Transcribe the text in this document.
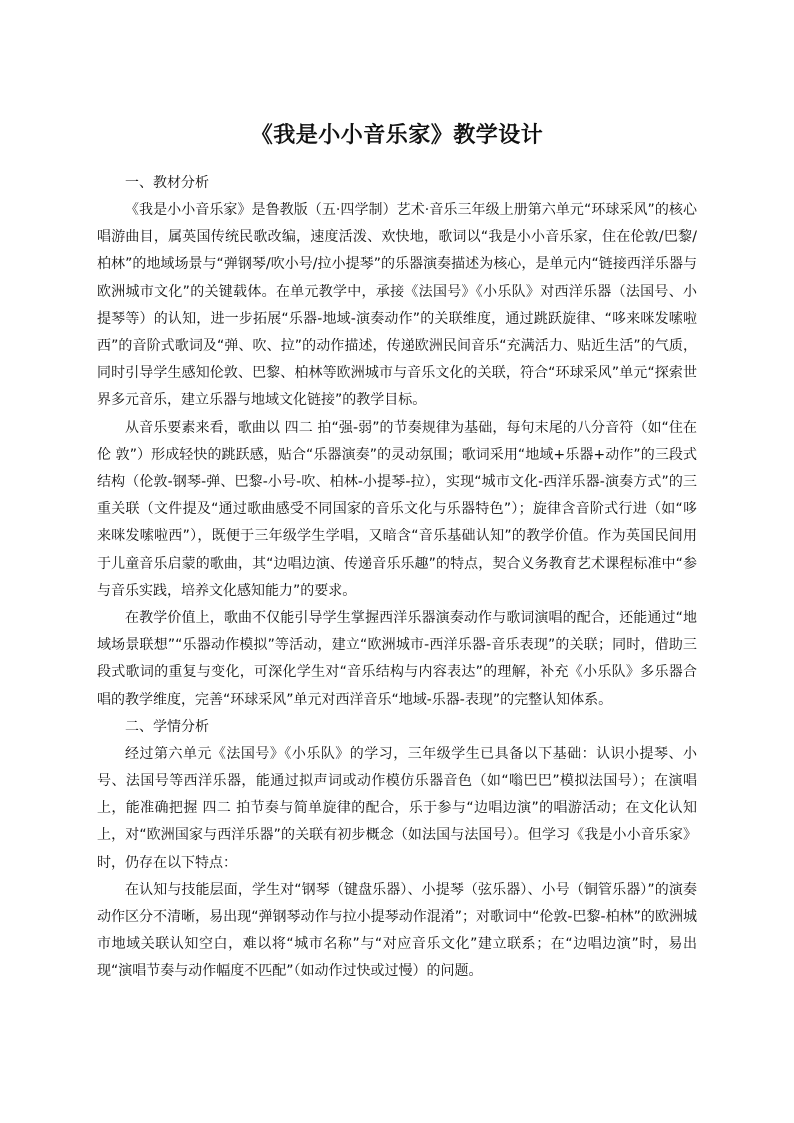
《我是小小音乐家》教学设计

一、教材分析

《我是小小音乐家》是鲁教版（五·四学制）艺术·音乐三年级上册第六单元“环球采风”的核心唱游曲目，属英国传统民歌改编，速度活泼、欢快地，歌词以“我是小小音乐家，住在伦敦/巴黎/柏林”的地域场景与“弹钢琴/吹小号/拉小提琴”的乐器演奏描述为核心，是单元内“链接西洋乐器与欧洲城市文化”的关键载体。在单元教学中，承接《法国号》《小乐队》对西洋乐器（法国号、小提琴等）的认知，进一步拓展“乐器-地域-演奏动作”的关联维度，通过跳跃旋律、“哆来咪发嗦啦西”的音阶式歌词及“弹、吹、拉”的动作描述，传递欧洲民间音乐“充满活力、贴近生活”的气质，同时引导学生感知伦敦、巴黎、柏林等欧洲城市与音乐文化的关联，符合“环球采风”单元“探索世界多元音乐，建立乐器与地域文化链接”的教学目标。

从音乐要素来看，歌曲以 四二 拍“强-弱”的节奏规律为基础，每句末尾的八分音符（如“住在伦 敦”）形成轻快的跳跃感，贴合“乐器演奏”的灵动氛围；歌词采用“地域+乐器+动作”的三段式结构（伦敦-钢琴-弹、巴黎-小号-吹、柏林-小提琴-拉），实现“城市文化-西洋乐器-演奏方式”的三重关联（文件提及“通过歌曲感受不同国家的音乐文化与乐器特色”）；旋律含音阶式行进（如“哆来咪发嗦啦西”），既便于三年级学生学唱，又暗含“音乐基础认知”的教学价值。作为英国民间用于儿童音乐启蒙的歌曲，其“边唱边演、传递音乐乐趣”的特点，契合义务教育艺术课程标准中“参与音乐实践，培养文化感知能力”的要求。

在教学价值上，歌曲不仅能引导学生掌握西洋乐器演奏动作与歌词演唱的配合，还能通过“地域场景联想”“乐器动作模拟”等活动，建立“欧洲城市-西洋乐器-音乐表现”的关联；同时，借助三段式歌词的重复与变化，可深化学生对“音乐结构与内容表达”的理解，补充《小乐队》多乐器合唱的教学维度，完善“环球采风”单元对西洋音乐“地域-乐器-表现”的完整认知体系。

二、学情分析

经过第六单元《法国号》《小乐队》的学习，三年级学生已具备以下基础：认识小提琴、小号、法国号等西洋乐器，能通过拟声词或动作模仿乐器音色（如“嗡巴巴”模拟法国号）；在演唱上，能准确把握 四二 拍节奏与简单旋律的配合，乐于参与“边唱边演”的唱游活动；在文化认知上，对“欧洲国家与西洋乐器”的关联有初步概念（如法国与法国号）。但学习《我是小小音乐家》时，仍存在以下特点：

在认知与技能层面，学生对“钢琴（键盘乐器）、小提琴（弦乐器）、小号（铜管乐器）”的演奏动作区分不清晰，易出现“弹钢琴动作与拉小提琴动作混淆”；对歌词中“伦敦-巴黎-柏林”的欧洲城市地域关联认知空白，难以将“城市名称”与“对应音乐文化”建立联系；在“边唱边演”时，易出现“演唱节奏与动作幅度不匹配”（如动作过快或过慢）的问题。
